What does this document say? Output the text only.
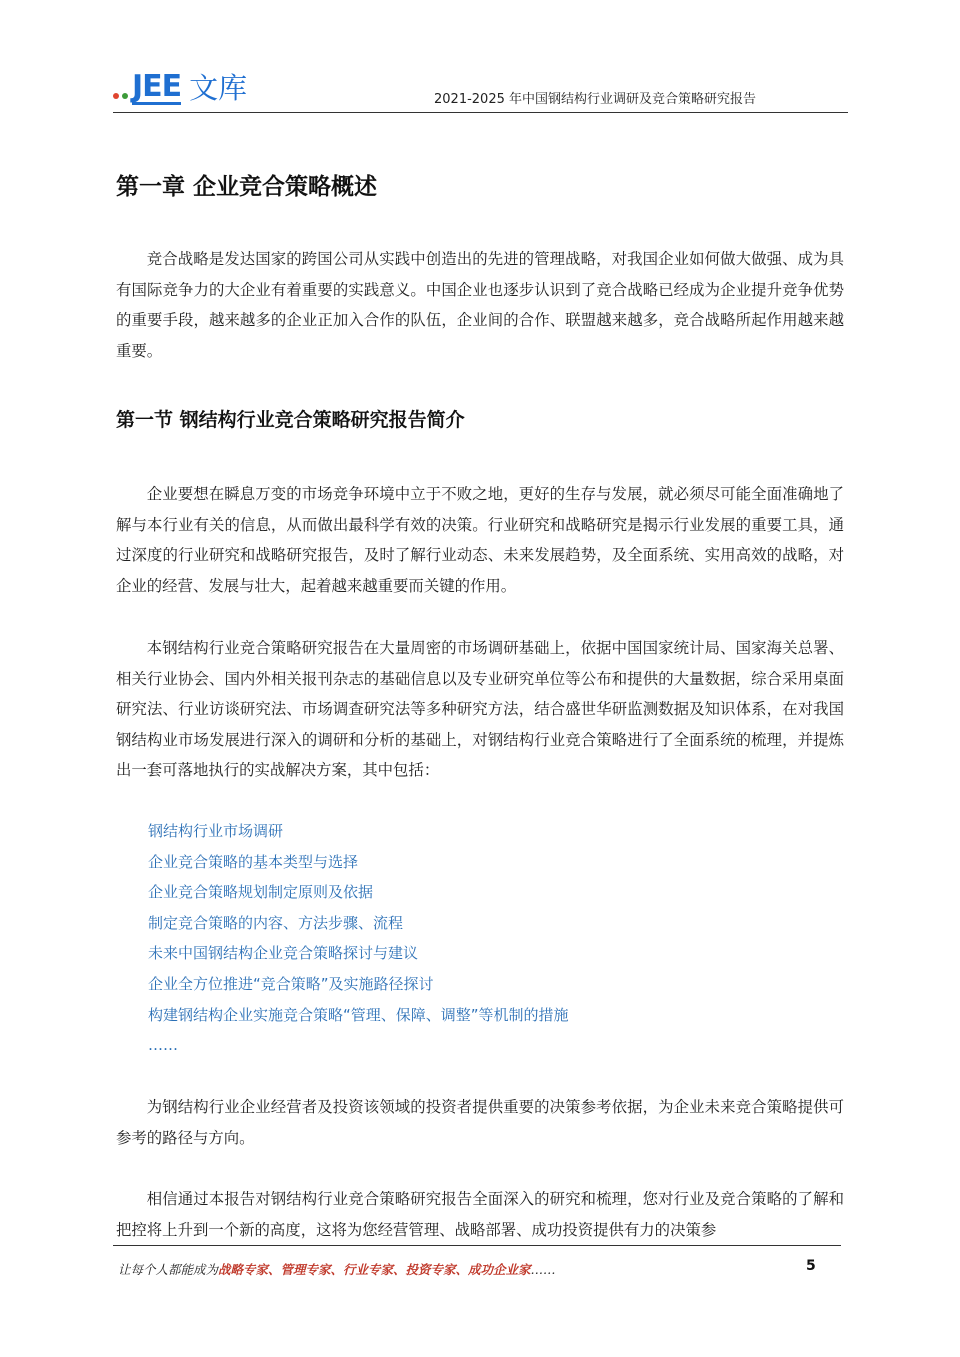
JEE 文库	2021-2025 年中国钢结构行业调研及竞合策略研究报告
第一章 企业竞合策略概述

竞合战略是发达国家的跨国公司从实践中创造出的先进的管理战略，对我国企业如何做大做强、成为具有国际竞争力的大企业有着重要的实践意义。中国企业也逐步认识到了竞合战略已经成为企业提升竞争优势的重要手段，越来越多的企业正加入合作的队伍，企业间的合作、联盟越来越多，竞合战略所起作用越来越重要。

第一节 钢结构行业竞合策略研究报告简介

企业要想在瞬息万变的市场竞争环境中立于不败之地，更好的生存与发展，就必须尽可能全面准确地了解与本行业有关的信息，从而做出最科学有效的决策。行业研究和战略研究是揭示行业发展的重要工具，通过深度的行业研究和战略研究报告，及时了解行业动态、未来发展趋势，及全面系统、实用高效的战略，对企业的经营、发展与壮大，起着越来越重要而关键的作用。

本钢结构行业竞合策略研究报告在大量周密的市场调研基础上，依据中国国家统计局、国家海关总署、相关行业协会、国内外相关报刊杂志的基础信息以及专业研究单位等公布和提供的大量数据，综合采用桌面研究法、行业访谈研究法、市场调查研究法等多种研究方法，结合盛世华研监测数据及知识体系，在对我国钢结构业市场发展进行深入的调研和分析的基础上，对钢结构行业竞合策略进行了全面系统的梳理，并提炼出一套可落地执行的实战解决方案，其中包括：

钢结构行业市场调研
企业竞合策略的基本类型与选择
企业竞合策略规划制定原则及依据
制定竞合策略的内容、方法步骤、流程
未来中国钢结构企业竞合策略探讨与建议
企业全方位推进“竞合策略”及实施路径探讨
构建钢结构企业实施竞合策略“管理、保障、调整”等机制的措施
……

为钢结构行业企业经营者及投资该领域的投资者提供重要的决策参考依据，为企业未来竞合策略提供可参考的路径与方向。

相信通过本报告对钢结构行业竞合策略研究报告全面深入的研究和梳理，您对行业及竞合策略的了解和把控将上升到一个新的高度，这将为您经营管理、战略部署、成功投资提供有力的决策参

让每个人都能成为战略专家、管理专家、行业专家、投资专家、成功企业家……	5
